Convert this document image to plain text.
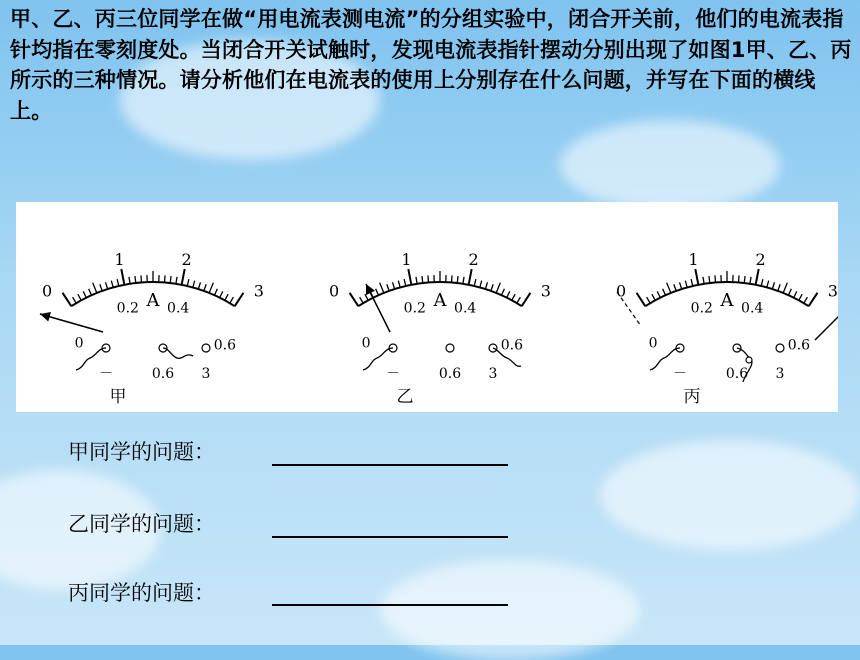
甲、乙、丙三位同学在做“用电流表测电流”的分组实验中，闭合开关前，他们的电流表指针均指在零刻度处。当闭合开关试触时，发现电流表指针摆动分别出现了如图1甲、乙、丙所示的三种情况。请分析他们在电流表的使用上分别存在什么问题，并写在下面的横线上。
0
1	2
3
0
0.2 0.4
0.6
A
－	0.6 3
甲
0
1	2
3
0
0.2 0.4
0.6
A
－	0.6 3
乙
0
1	2
3
0
0.2 0.4
0.6
A
－	0.6 3
丙
甲同学的问题：
乙同学的问题：
丙同学的问题：
